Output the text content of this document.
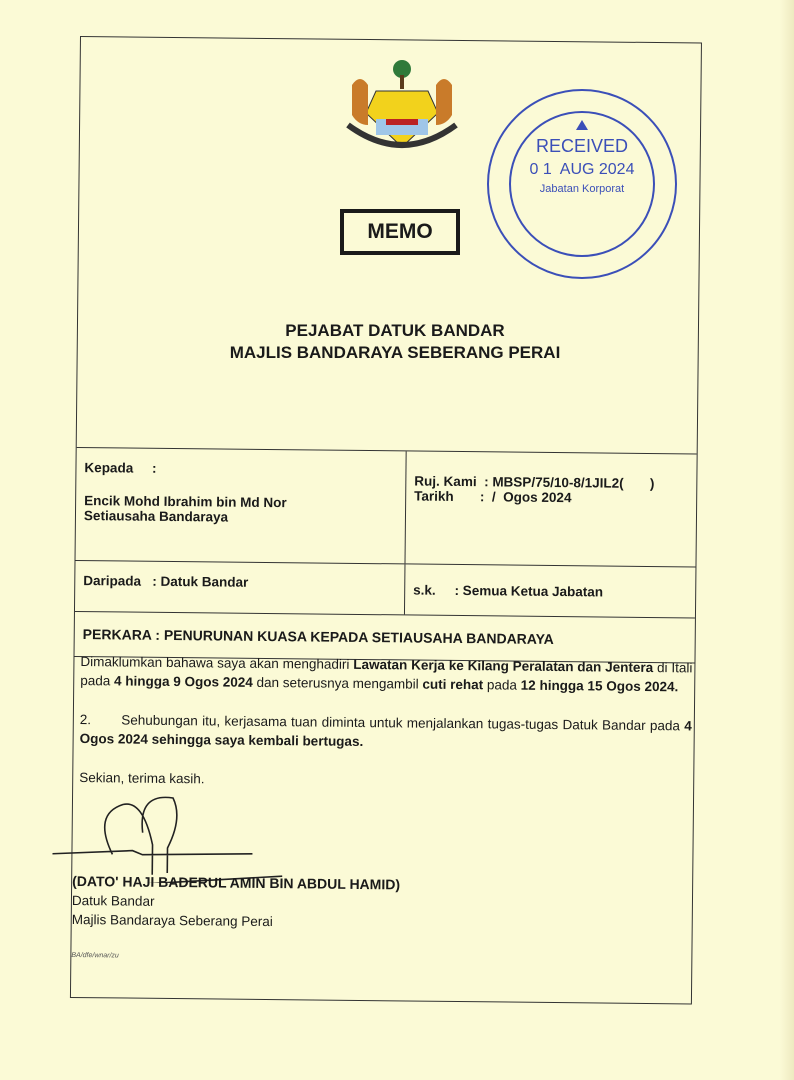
MEMO
RECEIVED
0 1  AUG 2024
Jabatan Korporat
PEJABAT DATUK BANDAR
MAJLIS BANDARAYA SEBERANG PERAI
Kepada     :
Encik Mohd Ibrahim bin Md Nor
Setiausaha Bandaraya
Ruj. Kami  : MBSP/75/10-8/1JIL2(       )
Tarikh       :  /  Ogos 2024
Daripada   : Datuk Bandar
s.k.     : Semua Ketua Jabatan
PERKARA : PENURUNAN KUASA KEPADA SETIAUSAHA BANDARAYA

Dimaklumkan bahawa saya akan menghadiri Lawatan Kerja ke Kilang Peralatan dan Jentera di Itali pada 4 hingga 9 Ogos 2024 dan seterusnya mengambil cuti rehat pada 12 hingga 15 Ogos 2024.

2.       Sehubungan itu, kerjasama tuan diminta untuk menjalankan tugas-tugas Datuk Bandar pada 4 Ogos 2024 sehingga saya kembali bertugas.

Sekian, terima kasih.

(DATO' HAJI BADERUL AMIN BIN ABDUL HAMID)
Datuk Bandar
Majlis Bandaraya Seberang Perai
BA/dfe/wnar/zu
